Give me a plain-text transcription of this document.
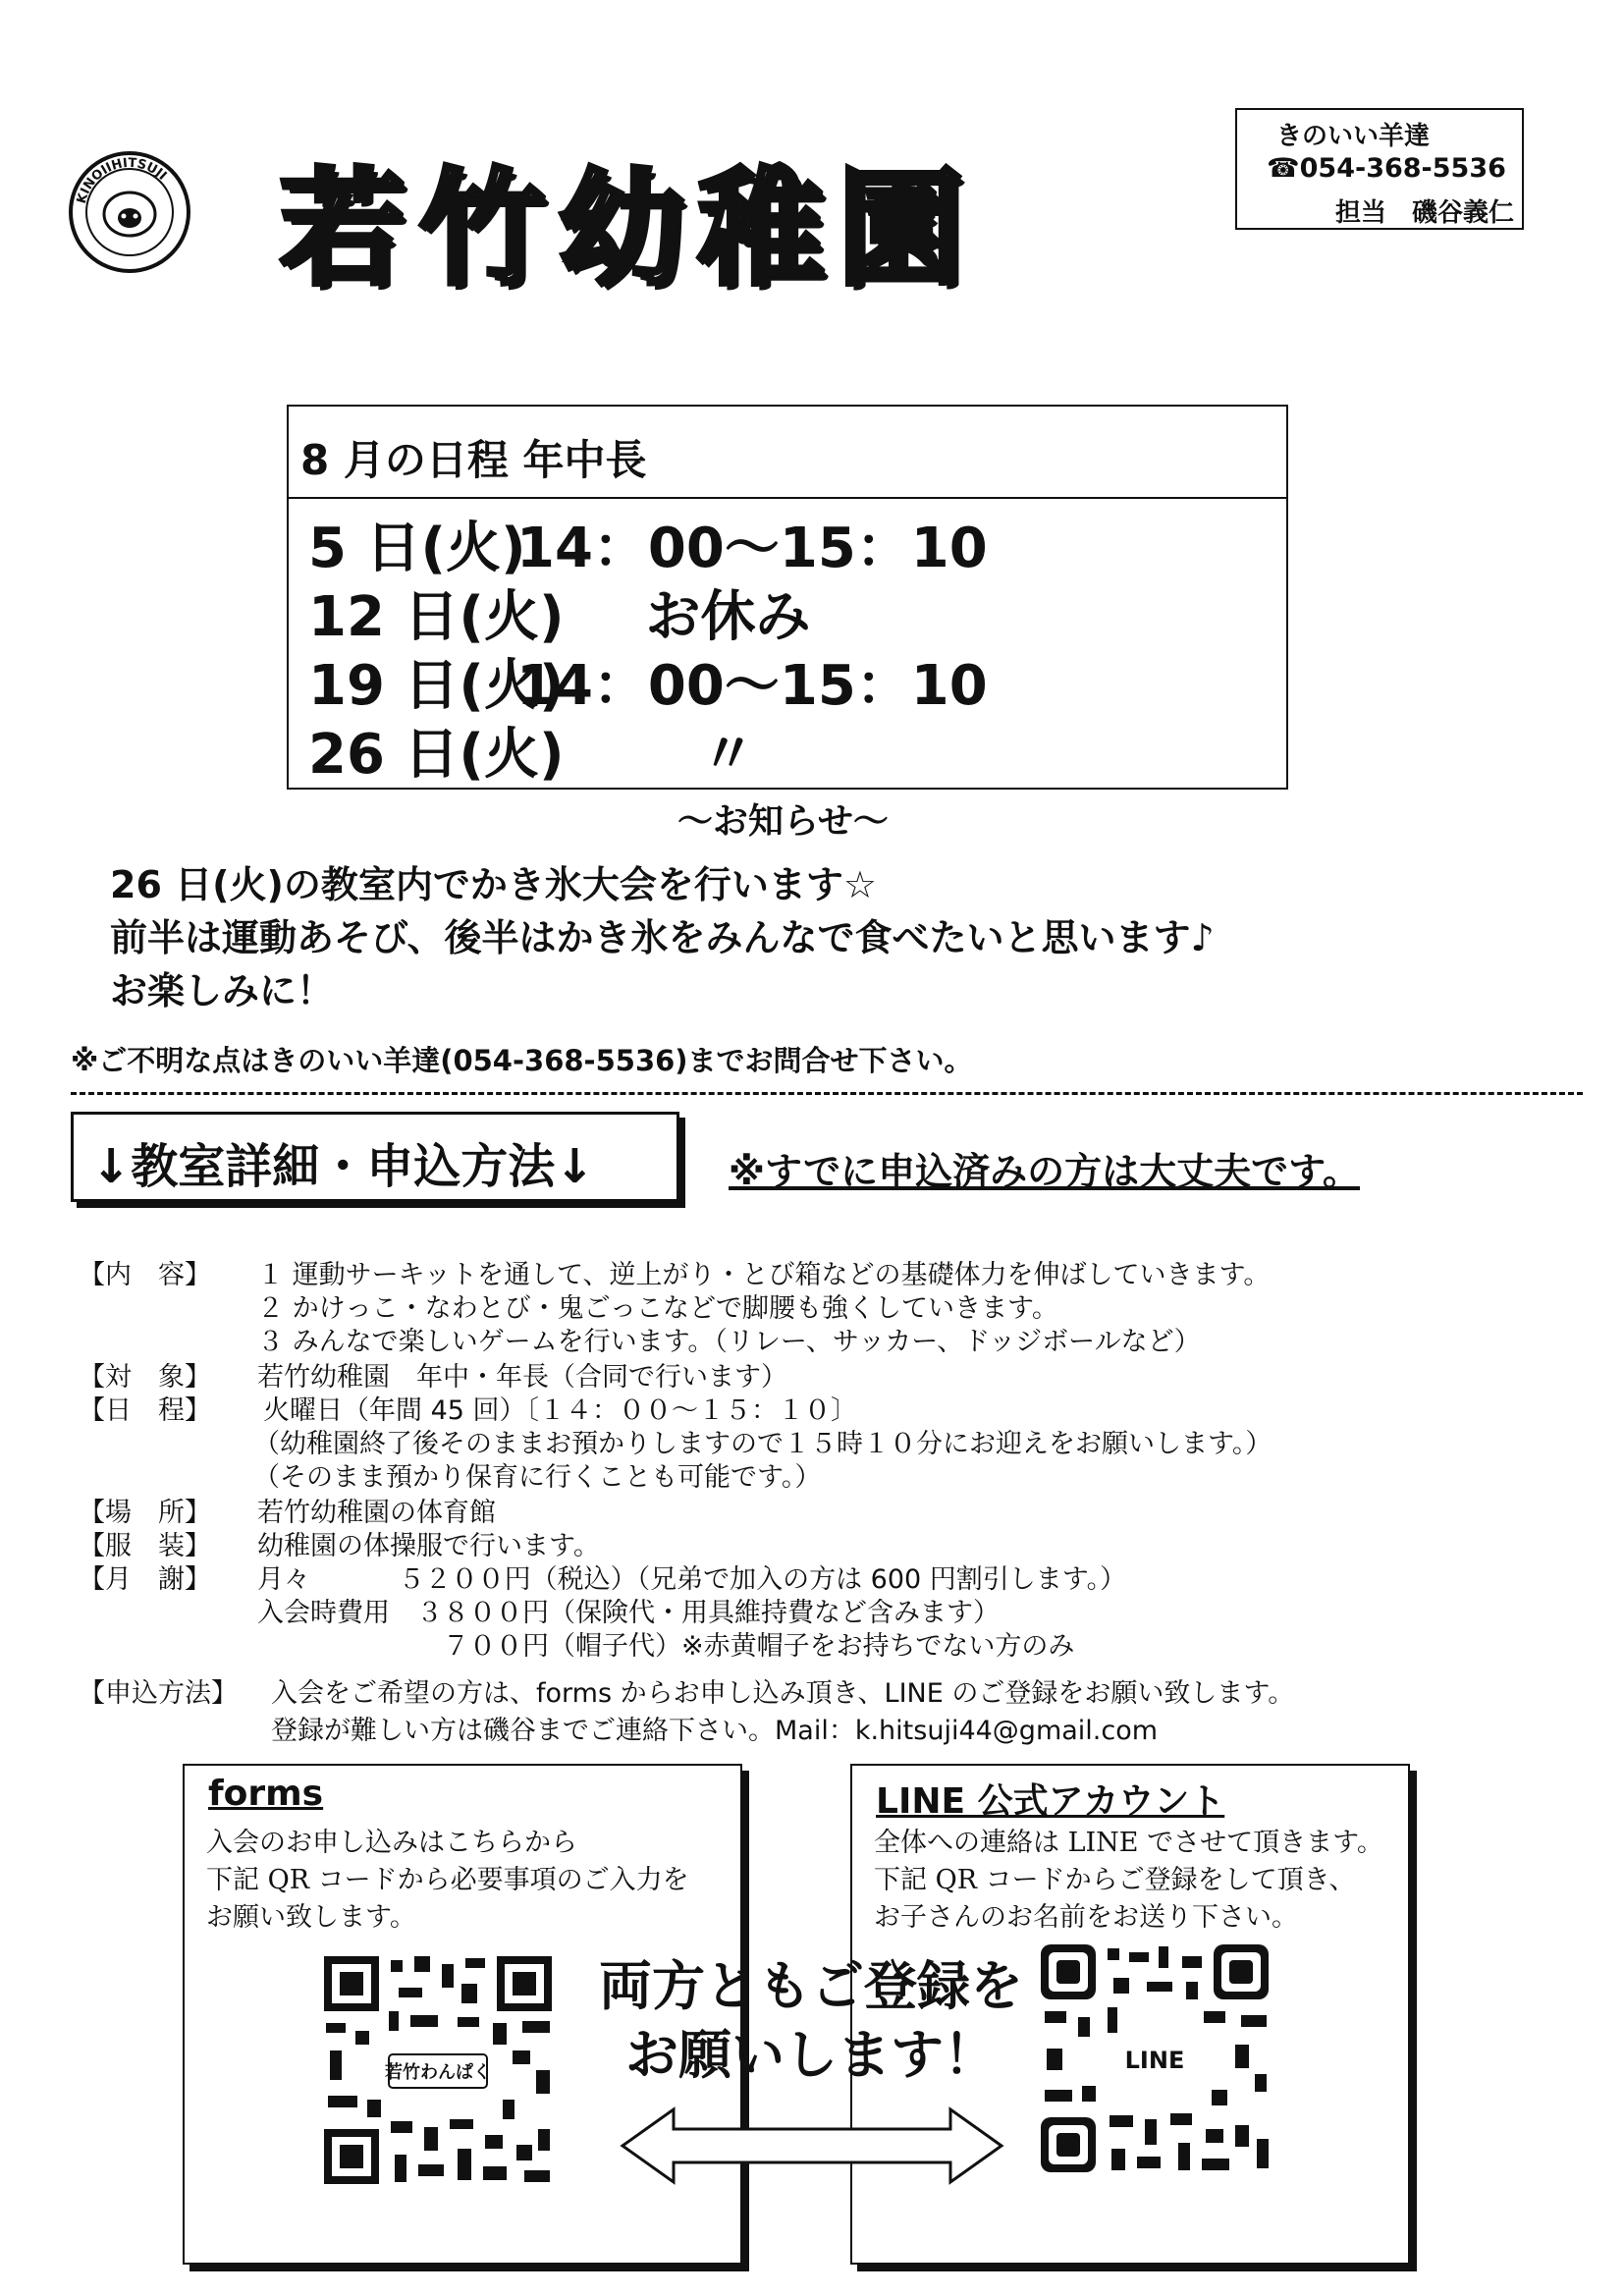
KINOIIHITSUJI 若竹幼稚園
きのいい羊達
☎054-368-5536
担当　磯谷義仁
8 月の日程 年中長
5 日(火)
14：00～15：10
12 日(火)
　　 お休み
19 日(火)
14：00～15：10
26 日(火)
　　　 〃
～お知らせ～
26 日(火)の教室内でかき氷大会を行います☆
前半は運動あそび、後半はかき氷をみんなで食べたいと思います♪
お楽しみに！
※ご不明な点はきのいい羊達(054-368-5536)までお問合せ下さい。
↓教室詳細・申込方法↓	※すでに申込済みの方は大丈夫です。
【内　容】 １ 運動サーキットを通して、逆上がり・とび箱などの基礎体力を伸ばしていきます。
２ かけっこ・なわとび・鬼ごっこなどで脚腰も強くしていきます。
３ みんなで楽しいゲームを行います。（リレー、サッカー、ドッジボールなど）
【対　象】 若竹幼稚園　年中・年長（合同で行います）
【日　程】 火曜日（年間 45 回）〔１４：００～１５：１０〕
（幼稚園終了後そのままお預かりしますので１５時１０分にお迎えをお願いします。）
（そのまま預かり保育に行くことも可能です。）
【場　所】 若竹幼稚園の体育館
【服　装】 幼稚園の体操服で行います。
【月　謝】 月々　　　 ５２００円（税込）（兄弟で加入の方は 600 円割引します。）
入会時費用　３８００円（保険代・用具維持費など含みます）
　　　　　　　７００円（帽子代）※赤黄帽子をお持ちでない方のみ
【申込方法】 入会をご希望の方は、forms からお申し込み頂き、LINE のご登録をお願い致します。
登録が難しい方は磯谷までご連絡下さい。Mail：k.hitsuji44@gmail.com
forms
入会のお申し込みはこちらから
下記 QR コードから必要事項のご入力を
お願い致します。
若竹わんぱく
LINE 公式アカウント
全体への連絡は LINE でさせて頂きます。
下記 QR コードからご登録をして頂き、
お子さんのお名前をお送り下さい。
LINE
両方ともご登録を
お願いします！
